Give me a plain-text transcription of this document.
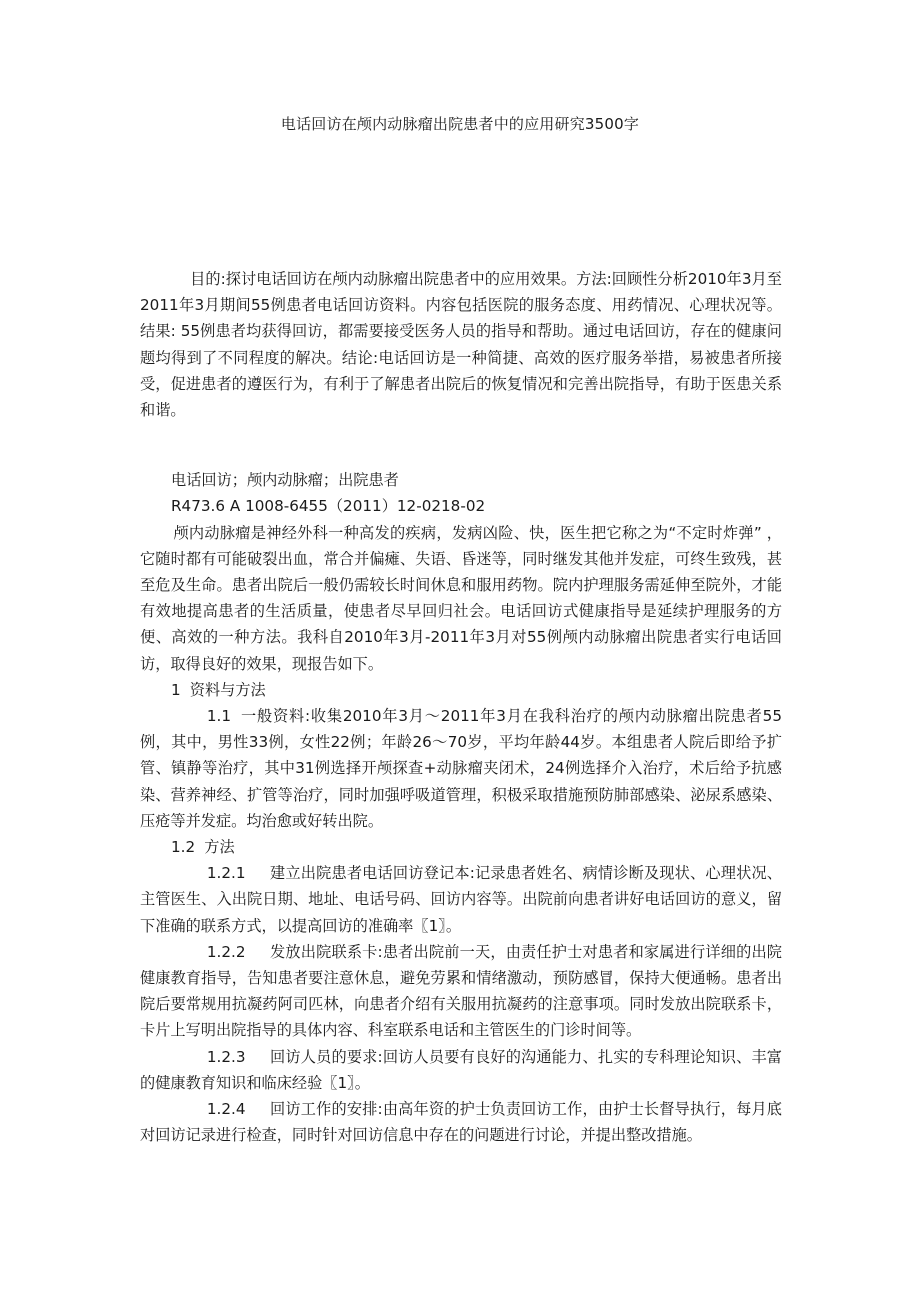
电话回访在颅内动脉瘤出院患者中的应用研究3500字

目的:探讨电话回访在颅内动脉瘤出院患者中的应用效果。方法:回顾性分析2010年3月至2011年3月期间55例患者电话回访资料。内容包括医院的服务态度、用药情况、心理状况等。结果: 55例患者均获得回访，都需要接受医务人员的指导和帮助。通过电话回访，存在的健康问题均得到了不同程度的解决。结论:电话回访是一种简捷、高效的医疗服务举措，易被患者所接受，促进患者的遵医行为，有利于了解患者出院后的恢复情况和完善出院指导，有助于医患关系和谐。

电话回访；颅内动脉瘤；出院患者

R473.6 A 1008-6455（2011）12-0218-02

颅内动脉瘤是神经外科一种高发的疾病，发病凶险、快，医生把它称之为“不定时炸弹” ，它随时都有可能破裂出血，常合并偏瘫、失语、昏迷等，同时继发其他并发症，可终生致残，甚至危及生命。患者出院后一般仍需较长时间休息和服用药物。院内护理服务需延伸至院外，才能有效地提高患者的生活质量，使患者尽早回归社会。电话回访式健康指导是延续护理服务的方便、高效的一种方法。我科自2010年3月-2011年3月对55例颅内动脉瘤出院患者实行电话回访，取得良好的效果，现报告如下。

1 资料与方法

1.1 一般资料:收集2010年3月～2011年3月在我科治疗的颅内动脉瘤出院患者55例，其中，男性33例，女性22例；年龄26～70岁，平均年龄44岁。本组患者人院后即给予扩管、镇静等治疗，其中31例选择开颅探查+动脉瘤夹闭术，24例选择介入治疗，术后给予抗感染、营养神经、扩管等治疗，同时加强呼吸道管理，积极采取措施预防肺部感染、泌尿系感染、压疮等并发症。均治愈或好转出院。

1.2 方法

1.2.1 建立出院患者电话回访登记本:记录患者姓名、病情诊断及现状、心理状况、主管医生、入出院日期、地址、电话号码、回访内容等。出院前向患者讲好电话回访的意义，留下准确的联系方式，以提高回访的准确率〖1〗。

1.2.2 发放出院联系卡:患者出院前一天，由责任护士对患者和家属进行详细的出院健康教育指导，告知患者要注意休息，避免劳累和情绪激动，预防感冒，保持大便通畅。患者出院后要常规用抗凝药阿司匹林，向患者介绍有关服用抗凝药的注意事项。同时发放出院联系卡，卡片上写明出院指导的具体内容、科室联系电话和主管医生的门诊时间等。

1.2.3 回访人员的要求:回访人员要有良好的沟通能力、扎实的专科理论知识、丰富的健康教育知识和临床经验〖1〗。

1.2.4 回访工作的安排:由高年资的护士负责回访工作，由护士长督导执行，每月底对回访记录进行检查，同时针对回访信息中存在的问题进行讨论，并提出整改措施。
